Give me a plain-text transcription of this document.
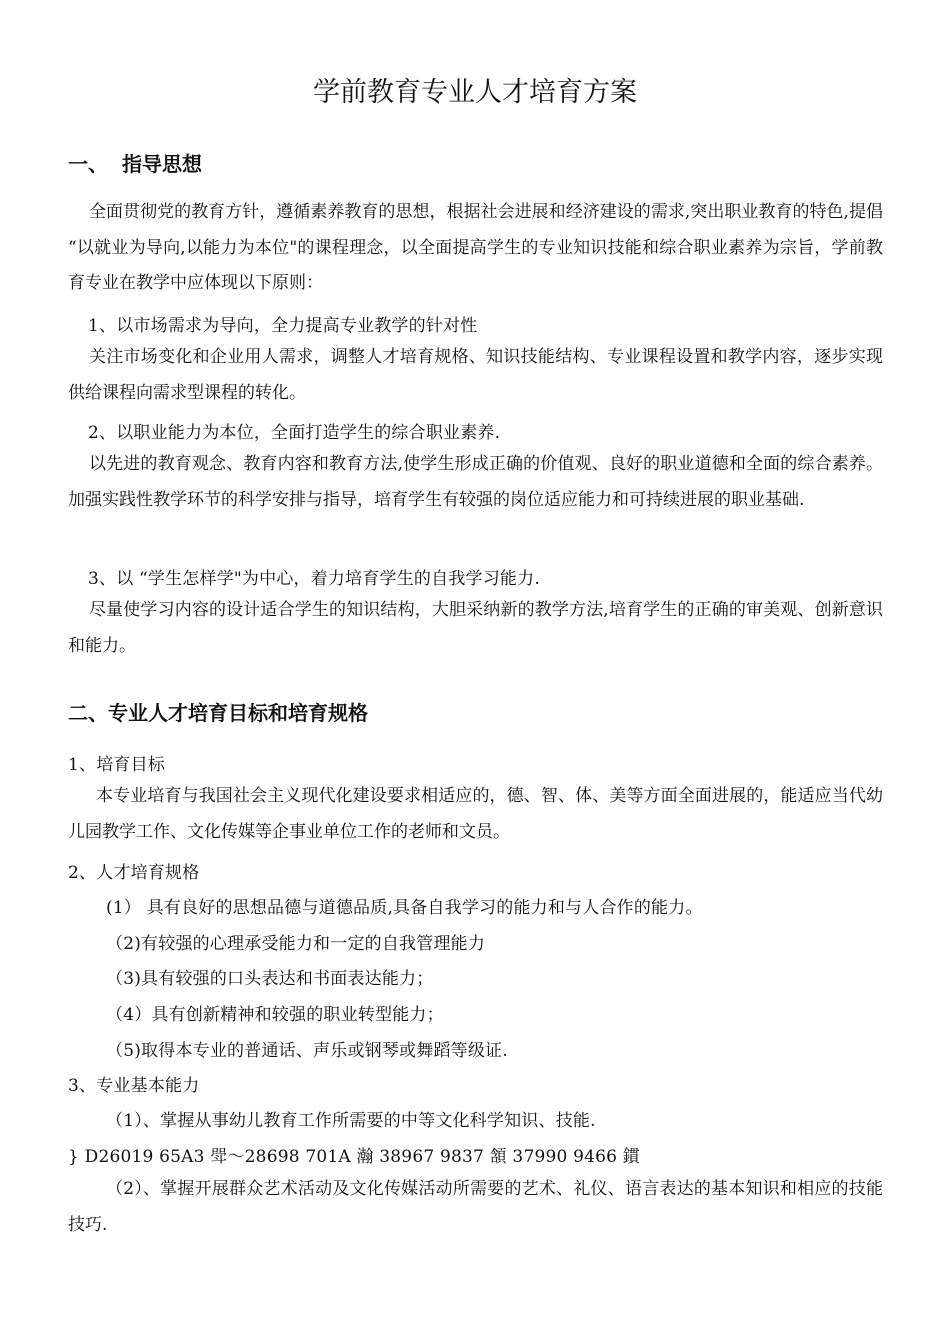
学前教育专业人才培育方案
一、 指导思想
全面贯彻党的教育方针，遵循素养教育的思想，根据社会进展和经济建设的需求,突出职业教育的特色,提倡 “以就业为导向,以能力为本位"的课程理念，以全面提高学生的专业知识技能和综合职业素养为宗旨，学前教育专业在教学中应体现以下原则：
1、以市场需求为导向，全力提高专业教学的针对性
关注市场变化和企业用人需求，调整人才培育规格、知识技能结构、专业课程设置和教学内容，逐步实现供给课程向需求型课程的转化。
2、以职业能力为本位，全面打造学生的综合职业素养.
以先进的教育观念、教育内容和教育方法,使学生形成正确的价值观、良好的职业道德和全面的综合素养。加强实践性教学环节的科学安排与指导，培育学生有较强的岗位适应能力和可持续进展的职业基础.
3、以 “学生怎样学"为中心，着力培育学生的自我学习能力.
尽量使学习内容的设计适合学生的知识结构，大胆采纳新的教学方法,培育学生的正确的审美观、创新意识和能力。
二、专业人才培育目标和培育规格
1、培育目标
本专业培育与我国社会主义现代化建设要求相适应的，德、智、体、美等方面全面进展的，能适应当代幼儿园教学工作、文化传媒等企事业单位工作的老师和文员。
2、人才培育规格
(1） 具有良好的思想品德与道德品质,具备自我学习的能力和与人合作的能力。
（2)有较强的心理承受能力和一定的自我管理能力
（3)具有较强的口头表达和书面表达能力；
（4）具有创新精神和较强的职业转型能力；
（5)取得本专业的普通话、声乐或钢琴或舞蹈等级证.
3、专业基本能力
（1）、掌握从事幼儿教育工作所需要的中等文化科学知识、技能.
} D26019 65A3 斝～28698 701A 瀚 38967 9837 頷 37990 9466 鏆
（2）、掌握开展群众艺术活动及文化传媒活动所需要的艺术、礼仪、语言表达的基本知识和相应的技能技巧.
